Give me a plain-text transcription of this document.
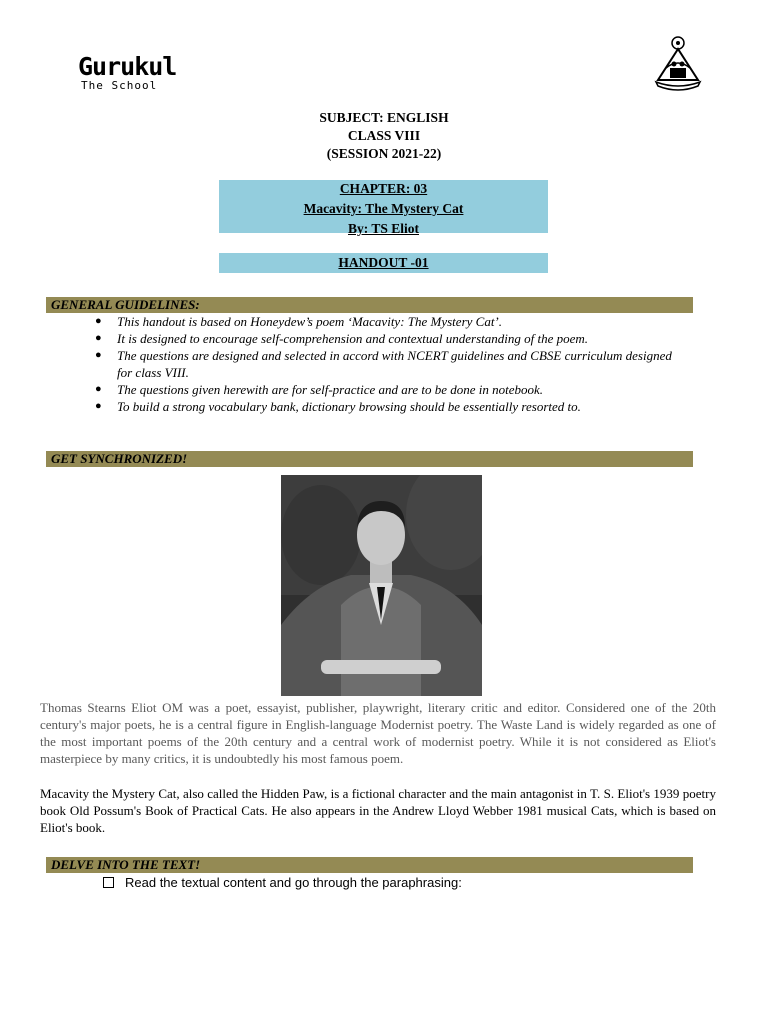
Gurukul
The School
SUBJECT: ENGLISH
CLASS VIII
(SESSION 2021-22)
CHAPTER: 03
Macavity: The Mystery Cat
By: TS Eliot
HANDOUT -01
GENERAL GUIDELINES:
● This handout is based on Honeydew’s poem ‘Macavity: The Mystery Cat’.
● It is designed to encourage self-comprehension and contextual understanding of the poem.
● The questions are designed and selected in accord with NCERT guidelines and CBSE curriculum designed for class VIII.
● The questions given herewith are for self-practice and are to be done in notebook.
● To build a strong vocabulary bank, dictionary browsing should be essentially resorted to.
GET SYNCHRONIZED!

Thomas Stearns Eliot OM was a poet, essayist, publisher, playwright, literary critic and editor. Considered one of the 20th century's major poets, he is a central figure in English-language Modernist poetry. The Waste Land is widely regarded as one of the most important poems of the 20th century and a central work of modernist poetry. While it is not considered as Eliot's masterpiece by many critics, it is undoubtedly his most famous poem.

Macavity the Mystery Cat, also called the Hidden Paw, is a fictional character and the main antagonist in T. S. Eliot's 1939 poetry book Old Possum's Book of Practical Cats. He also appears in the Andrew Lloyd Webber 1981 musical Cats, which is based on Eliot's book.

DELVE INTO THE TEXT!
Read the textual content and go through the paraphrasing:
